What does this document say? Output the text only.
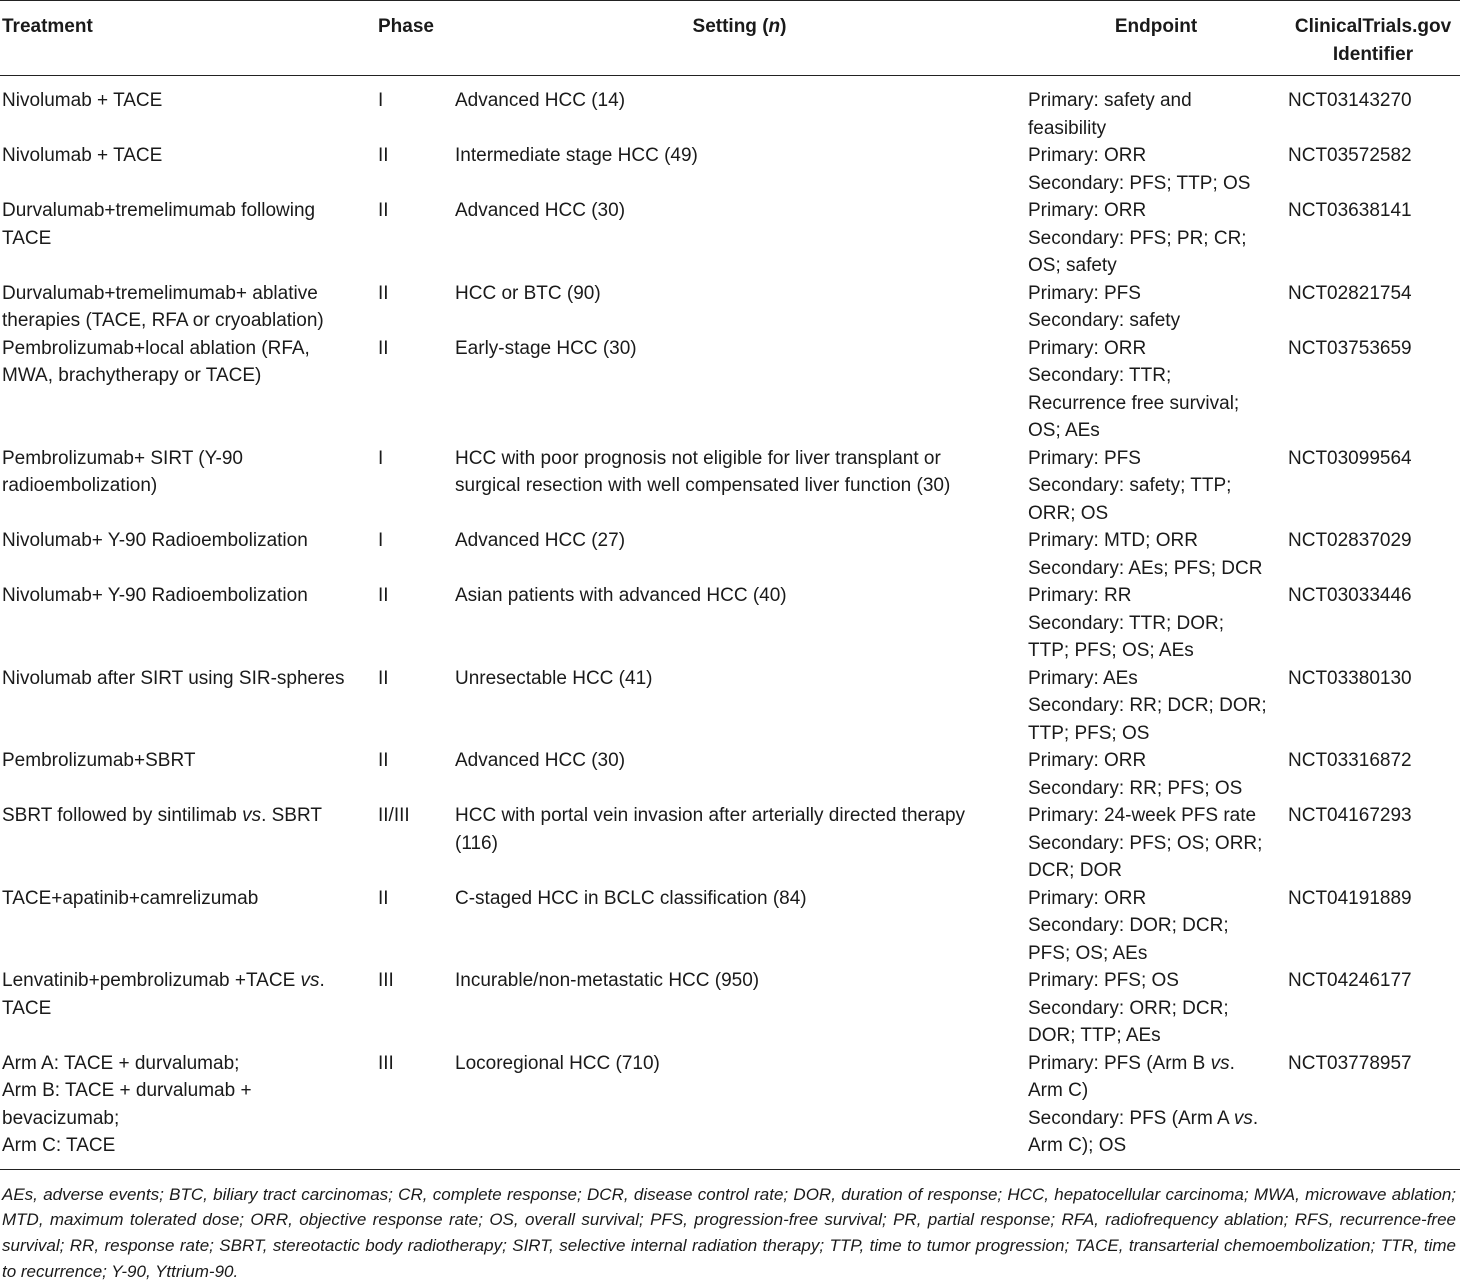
Treatment	Phase	Setting (n)	Endpoint	ClinicalTrials.gov
Identifier

Nivolumab + TACE	I	Advanced HCC (14)	Primary: safety and
feasibility	NCT03143270

Nivolumab + TACE	II	Intermediate stage HCC (49)	Primary: ORR
Secondary: PFS; TTP; OS	NCT03572582

Durvalumab+tremelimumab following
TACE	II	Advanced HCC (30)	Primary: ORR
Secondary: PFS; PR; CR;
OS; safety	NCT03638141

Durvalumab+tremelimumab+ ablative
therapies (TACE, RFA or cryoablation)	II	HCC or BTC (90)	Primary: PFS
Secondary: safety	NCT02821754

Pembrolizumab+local ablation (RFA,
MWA, brachytherapy or TACE)	II	Early-stage HCC (30)	Primary: ORR
Secondary: TTR;
Recurrence free survival;
OS; AEs	NCT03753659

Pembrolizumab+ SIRT (Y-90
radioembolization)	I	HCC with poor prognosis not eligible for liver transplant or
surgical resection with well compensated liver function (30)	Primary: PFS
Secondary: safety; TTP;
ORR; OS	NCT03099564

Nivolumab+ Y-90 Radioembolization	I	Advanced HCC (27)	Primary: MTD; ORR
Secondary: AEs; PFS; DCR	NCT02837029

Nivolumab+ Y-90 Radioembolization	II	Asian patients with advanced HCC (40)	Primary: RR
Secondary: TTR; DOR;
TTP; PFS; OS; AEs	NCT03033446

Nivolumab after SIRT using SIR-spheres	II	Unresectable HCC (41)	Primary: AEs
Secondary: RR; DCR; DOR;
TTP; PFS; OS	NCT03380130

Pembrolizumab+SBRT	II	Advanced HCC (30)	Primary: ORR
Secondary: RR; PFS; OS	NCT03316872

SBRT followed by sintilimab vs. SBRT	II/III	HCC with portal vein invasion after arterially directed therapy
(116)	Primary: 24-week PFS rate
Secondary: PFS; OS; ORR;
DCR; DOR	NCT04167293

TACE+apatinib+camrelizumab	II	C-staged HCC in BCLC classification (84)	Primary: ORR
Secondary: DOR; DCR;
PFS; OS; AEs	NCT04191889

Lenvatinib+pembrolizumab +TACE vs.
TACE	III	Incurable/non-metastatic HCC (950)	Primary: PFS; OS
Secondary: ORR; DCR;
DOR; TTP; AEs	NCT04246177

Arm A: TACE + durvalumab;
Arm B: TACE + durvalumab +
bevacizumab;
Arm C: TACE	III	Locoregional HCC (710)	Primary: PFS (Arm B vs.
Arm C)
Secondary: PFS (Arm A vs.
Arm C); OS	NCT03778957
AEs, adverse events; BTC, biliary tract carcinomas; CR, complete response; DCR, disease control rate; DOR, duration of response; HCC, hepatocellular carcinoma; MWA, microwave ablation; MTD, maximum tolerated dose; ORR, objective response rate; OS, overall survival; PFS, progression-free survival; PR, partial response; RFA, radiofrequency ablation; RFS, recurrence-free survival; RR, response rate; SBRT, stereotactic body radiotherapy; SIRT, selective internal radiation therapy; TTP, time to tumor progression; TACE, transarterial chemoembolization; TTR, time to recurrence; Y-90, Yttrium-90.
